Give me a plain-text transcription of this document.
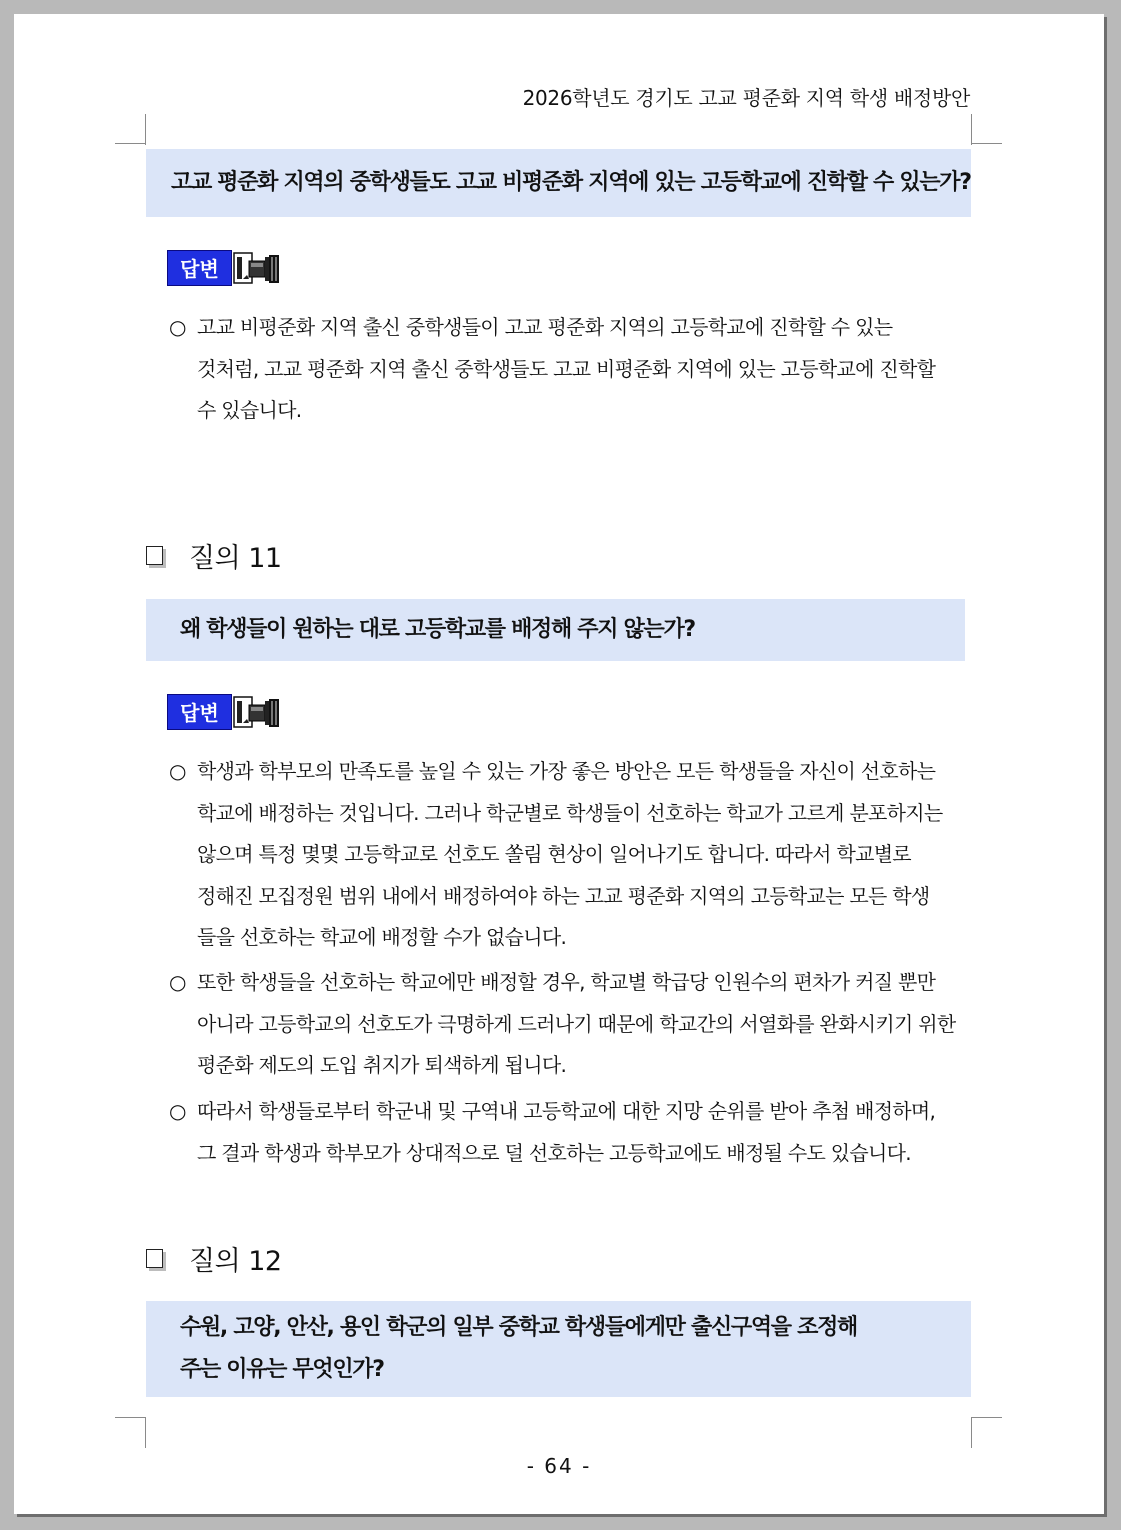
2026학년도 경기도 고교 평준화 지역 학생 배정방안
고교 평준화 지역의 중학생들도 고교 비평준화 지역에 있는 고등학교에 진학할 수 있는가?
답변
○ 고교 비평준화 지역 출신 중학생들이 고교 평준화 지역의 고등학교에 진학할 수 있는
것처럼, 고교 평준화 지역 출신 중학생들도 고교 비평준화 지역에 있는 고등학교에 진학할
수 있습니다.
질의 11
왜 학생들이 원하는 대로 고등학교를 배정해 주지 않는가?
답변
○ 학생과 학부모의 만족도를 높일 수 있는 가장 좋은 방안은 모든 학생들을 자신이 선호하는
학교에 배정하는 것입니다. 그러나 학군별로 학생들이 선호하는 학교가 고르게 분포하지는
않으며 특정 몇몇 고등학교로 선호도 쏠림 현상이 일어나기도 합니다. 따라서 학교별로
정해진 모집정원 범위 내에서 배정하여야 하는 고교 평준화 지역의 고등학교는 모든 학생
들을 선호하는 학교에 배정할 수가 없습니다.
○ 또한 학생들을 선호하는 학교에만 배정할 경우, 학교별 학급당 인원수의 편차가 커질 뿐만
아니라 고등학교의 선호도가 극명하게 드러나기 때문에 학교간의 서열화를 완화시키기 위한
평준화 제도의 도입 취지가 퇴색하게 됩니다.
○ 따라서 학생들로부터 학군내 및 구역내 고등학교에 대한 지망 순위를 받아 추첨 배정하며,
그 결과 학생과 학부모가 상대적으로 덜 선호하는 고등학교에도 배정될 수도 있습니다.
질의 12
수원, 고양, 안산, 용인 학군의 일부 중학교 학생들에게만 출신구역을 조정해
주는 이유는 무엇인가?
- 64 -
